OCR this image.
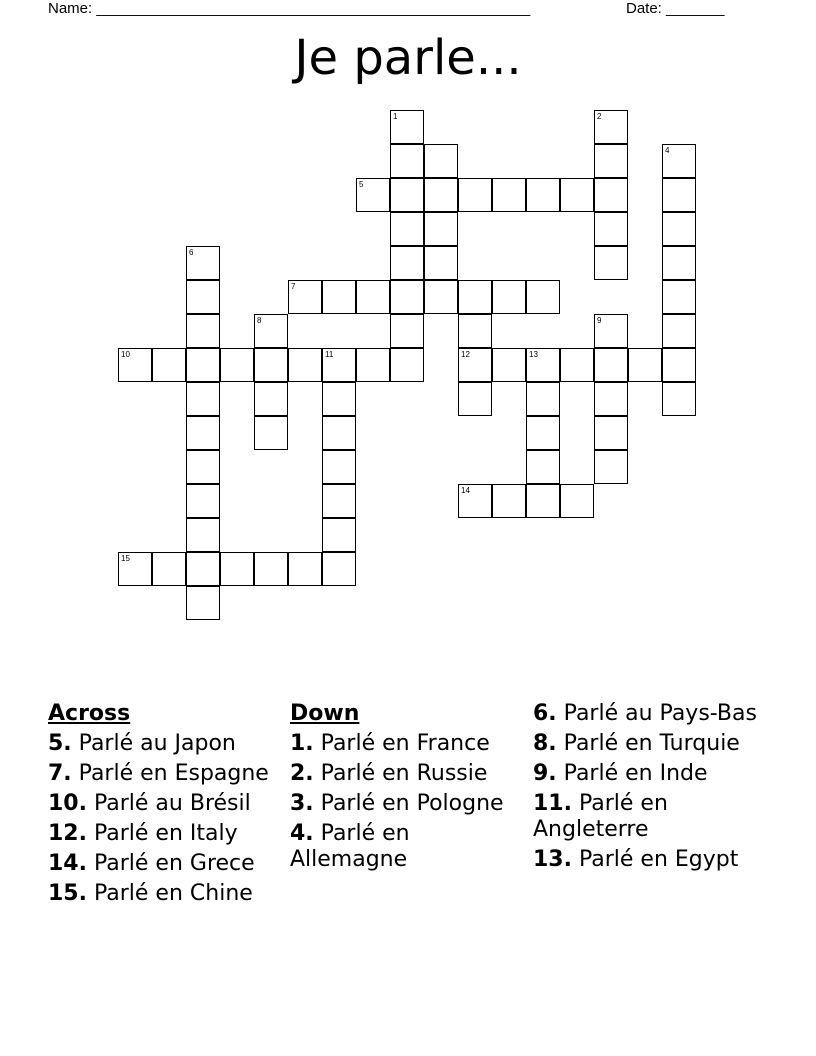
Name: ____________________________________________________	Date: _______
Je parle...
1	2
4
5
6
7
8	9
10	11	12	13
14
15
Across
5. Parlé au Japon
7. Parlé en Espagne
10. Parlé au Brésil
12. Parlé en Italy
14. Parlé en Grece
15. Parlé en Chine
Down
1. Parlé en France
2. Parlé en Russie
3. Parlé en Pologne
4. Parlé en Allemagne
6. Parlé au Pays-Bas
8. Parlé en Turquie
9. Parlé en Inde
11. Parlé en Angleterre
13. Parlé en Egypt
